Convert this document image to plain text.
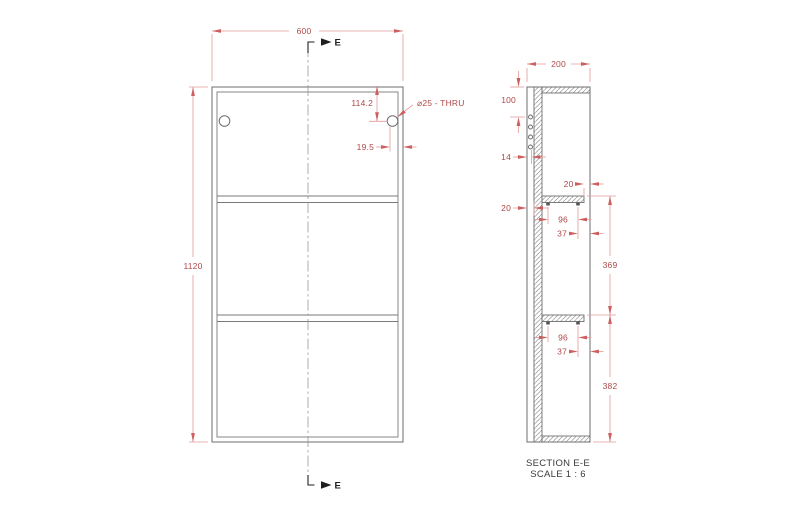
E
E
600
1120
114.2	⌀25 - THRU
19.5
200
100
14
20
20
96
37
369
96
37
382
SECTION E-E
SCALE 1 : 6
